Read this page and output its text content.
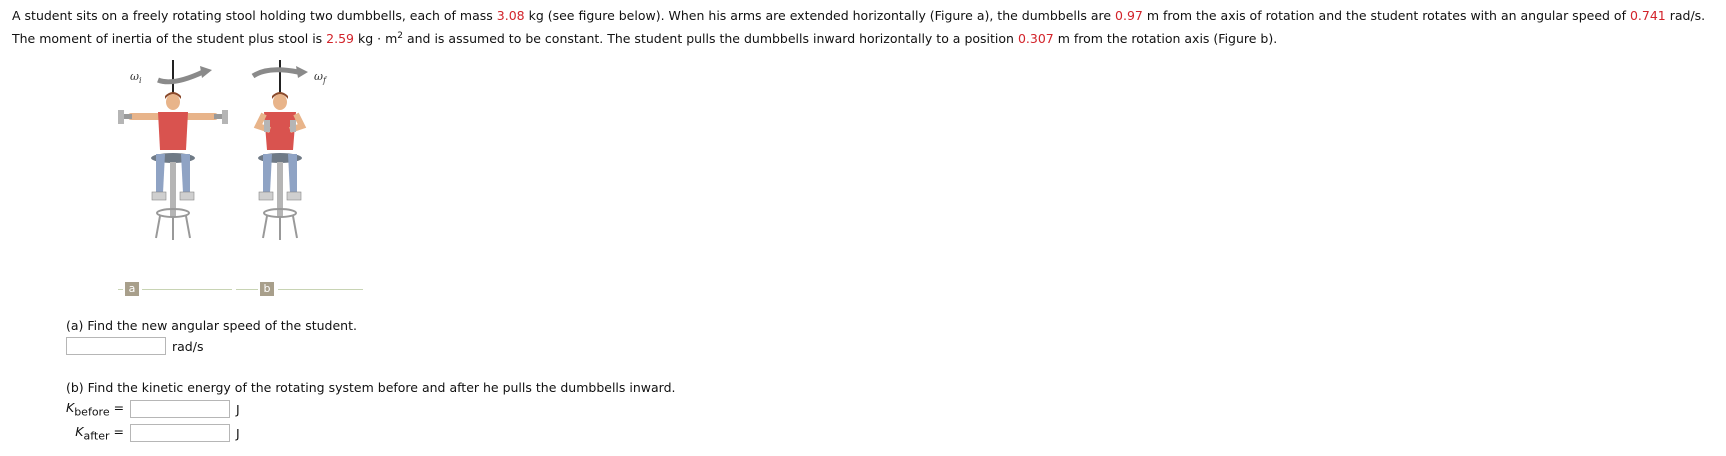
A student sits on a freely rotating stool holding two dumbbells, each of mass 3.08 kg (see figure below). When his arms are extended horizontally (Figure a), the dumbbells are 0.97 m from the axis of rotation and the student rotates with an angular speed of 0.741 rad/s. The moment of inertia of the student plus stool is 2.59 kg · $m^2$ and is assumed to be constant. The student pulls the dumbbells inward horizontally to a position 0.307 m from the rotation axis (Figure b).
$\omega_i$	$\omega_f$
a	b
(a) Find the new angular speed of the student.
rad/s
(b) Find the kinetic energy of the rotating system before and after he pulls the dumbbells inward.
$K_{before}$ =	J
$K_{after}$ =	J
